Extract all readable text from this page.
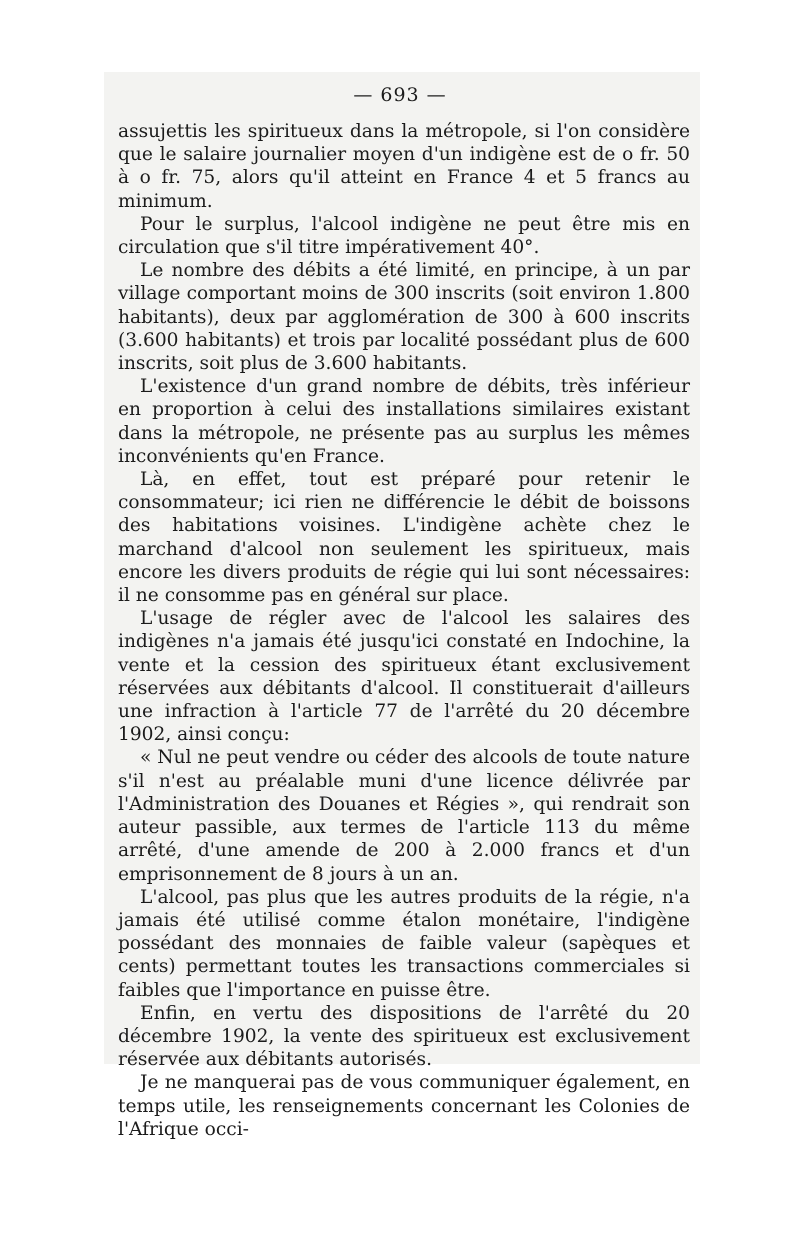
— 693 —

assujettis les spiritueux dans la métropole, si l'on considère que le salaire journalier moyen d'un indigène est de o fr. 50 à o fr. 75, alors qu'il atteint en France 4 et 5 francs au minimum.

Pour le surplus, l'alcool indigène ne peut être mis en circulation que s'il titre impérativement 40°.

Le nombre des débits a été limité, en principe, à un par village comportant moins de 300 inscrits (soit environ 1.800 habitants), deux par agglomération de 300 à 600 inscrits (3.600 habitants) et trois par localité possédant plus de 600 inscrits, soit plus de 3.600 habitants.

L'existence d'un grand nombre de débits, très inférieur en proportion à celui des installations similaires existant dans la métropole, ne présente pas au surplus les mêmes inconvénients qu'en France.

Là, en effet, tout est préparé pour retenir le consommateur; ici rien ne différencie le débit de boissons des habitations voisines. L'indigène achète chez le marchand d'alcool non seulement les spiritueux, mais encore les divers produits de régie qui lui sont nécessaires: il ne consomme pas en général sur place.

L'usage de régler avec de l'alcool les salaires des indigènes n'a jamais été jusqu'ici constaté en Indochine, la vente et la cession des spiritueux étant exclusivement réservées aux débitants d'alcool. Il constituerait d'ailleurs une infraction à l'article 77 de l'arrêté du 20 décembre 1902, ainsi conçu:

« Nul ne peut vendre ou céder des alcools de toute nature s'il n'est au préalable muni d'une licence délivrée par l'Administration des Douanes et Régies », qui rendrait son auteur passible, aux termes de l'article 113 du même arrêté, d'une amende de 200 à 2.000 francs et d'un emprisonnement de 8 jours à un an.

L'alcool, pas plus que les autres produits de la régie, n'a jamais été utilisé comme étalon monétaire, l'indigène possédant des monnaies de faible valeur (sapèques et cents) permettant toutes les transactions commerciales si faibles que l'importance en puisse être.

Enfin, en vertu des dispositions de l'arrêté du 20 décembre 1902, la vente des spiritueux est exclusivement réservée aux débitants autorisés.

Je ne manquerai pas de vous communiquer également, en temps utile, les renseignements concernant les Colonies de l'Afrique occi-
